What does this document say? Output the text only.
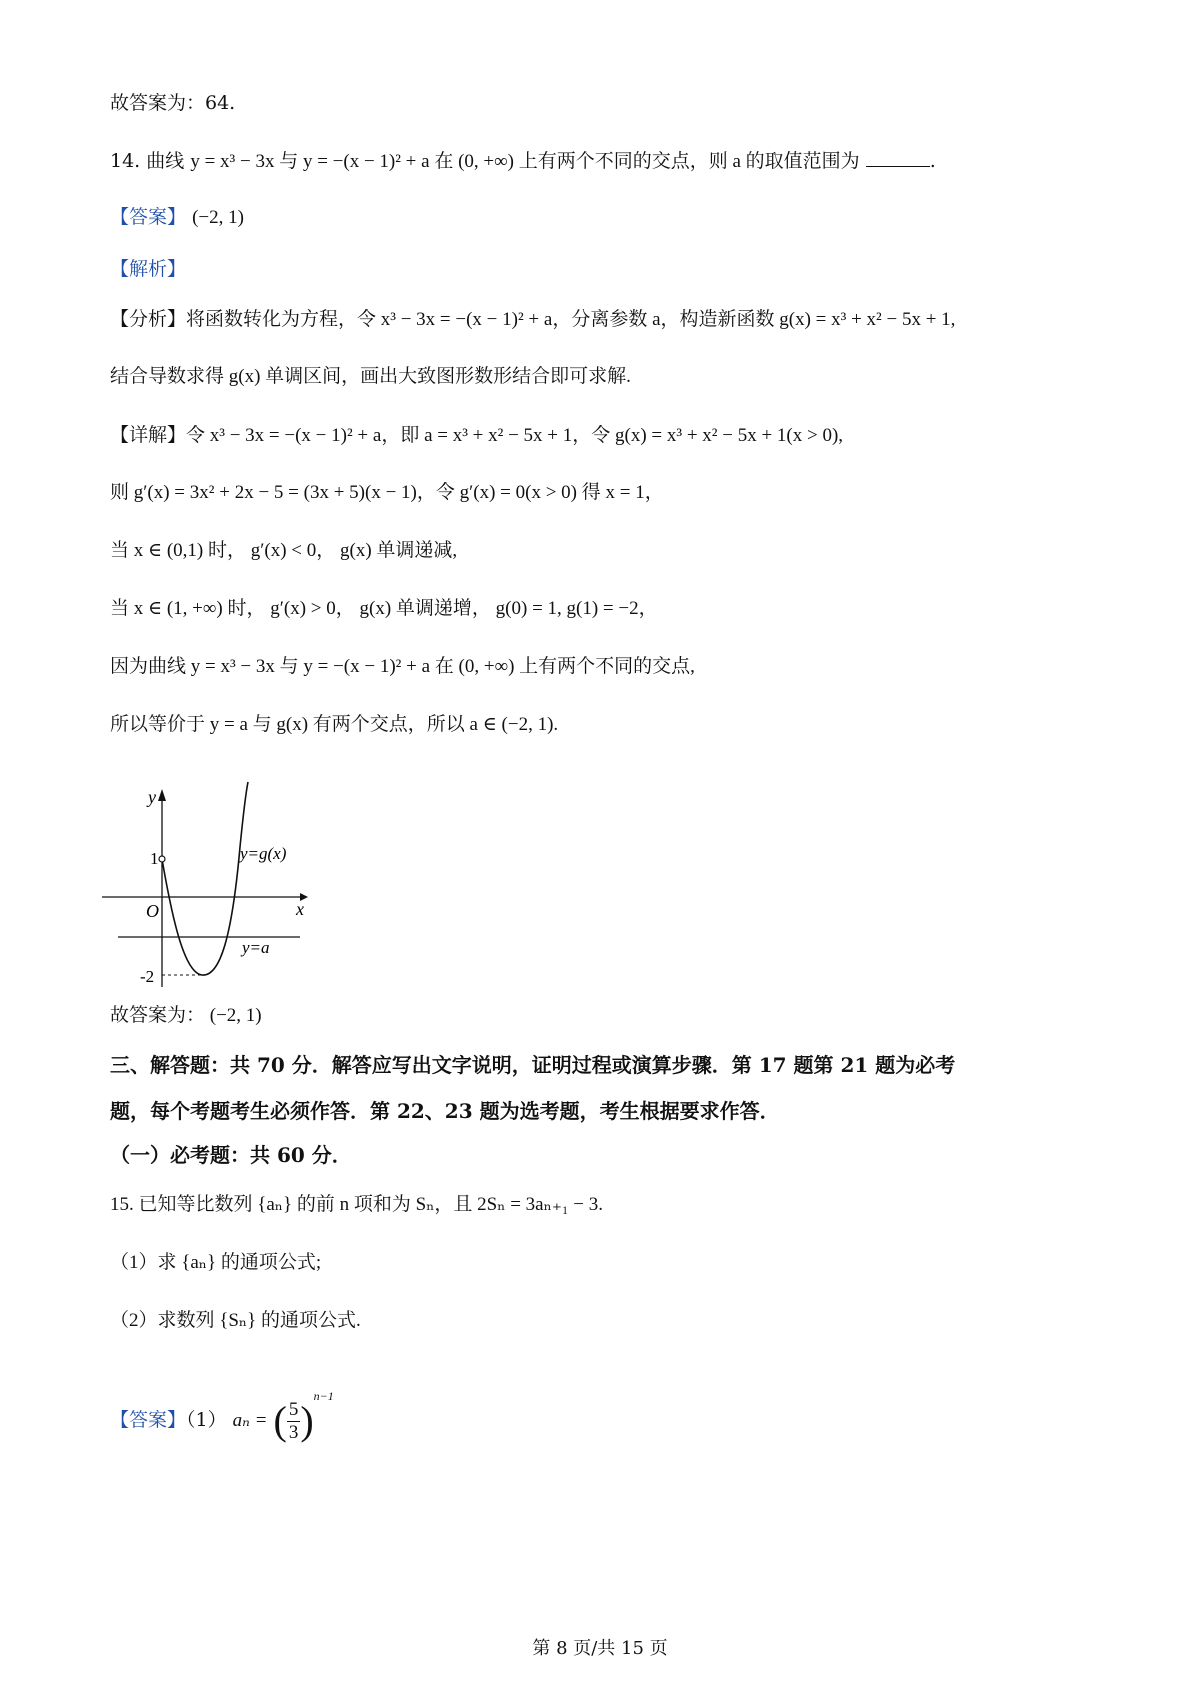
故答案为：64.
14. 曲线 y = x³ − 3x 与 y = −(x − 1)² + a 在 (0, +∞) 上有两个不同的交点，则 a 的取值范围为	.
【答案】 (−2, 1)
【解析】
【分析】将函数转化为方程，令 x³ − 3x = −(x − 1)² + a，分离参数 a，构造新函数 g(x) = x³ + x² − 5x + 1,
结合导数求得 g(x) 单调区间，画出大致图形数形结合即可求解.
【详解】令 x³ − 3x = −(x − 1)² + a，即 a = x³ + x² − 5x + 1，令 g(x) = x³ + x² − 5x + 1(x > 0),
则 g′(x) = 3x² + 2x − 5 = (3x + 5)(x − 1)，令 g′(x) = 0(x > 0) 得 x = 1，
当 x ∈ (0,1) 时， g′(x) < 0， g(x) 单调递减,
当 x ∈ (1, +∞) 时， g′(x) > 0， g(x) 单调递增， g(0) = 1, g(1) = −2，
因为曲线 y = x³ − 3x 与 y = −(x − 1)² + a 在 (0, +∞) 上有两个不同的交点,
所以等价于 y = a 与 g(x) 有两个交点，所以 a ∈ (−2, 1).
y
x
O
1
-2
y=g(x)
y=a
故答案为： (−2, 1)
三、解答题：共 70 分．解答应写出文字说明，证明过程或演算步骤．第 17 题第 21 题为必考
题，每个考题考生必须作答．第 22、23 题为选考题，考生根据要求作答．
（一）必考题：共 60 分．
15. 已知等比数列 {aₙ} 的前 n 项和为 Sₙ，且 2Sₙ = 3aₙ₊₁ − 3.
（1）求 {aₙ} 的通项公式;
（2）求数列 {Sₙ} 的通项公式.
【答案】（1） aₙ = ( $\frac{5}{3} )^{n-1}$
第 8 页/共 15 页
